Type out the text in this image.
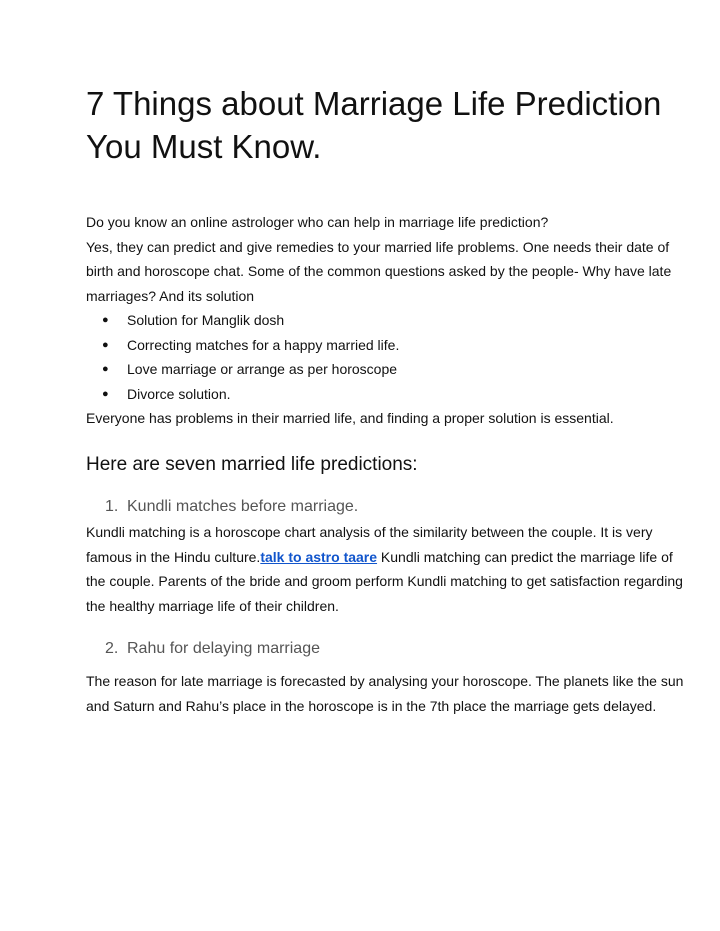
7 Things about Marriage Life Prediction You Must Know.

Do you know an online astrologer who can help in marriage life prediction?

Yes, they can predict and give remedies to your married life problems. One needs their date of birth and horoscope chat. Some of the common questions asked by the people- Why have late marriages? And its solution

● Solution for Manglik dosh
● Correcting matches for a happy married life.
● Love marriage or arrange as per horoscope
● Divorce solution.

Everyone has problems in their married life, and finding a proper solution is essential.

Here are seven married life predictions:
1. Kundli matches before marriage.

Kundli matching is a horoscope chart analysis of the similarity between the couple. It is very famous in the Hindu culture.talk to astro taare Kundli matching can predict the marriage life of the couple. Parents of the bride and groom perform Kundli matching to get satisfaction regarding the healthy marriage life of their children.

2. Rahu for delaying marriage

The reason for late marriage is forecasted by analysing your horoscope. The planets like the sun and Saturn and Rahu’s place in the horoscope is in the 7th place the marriage gets delayed.
